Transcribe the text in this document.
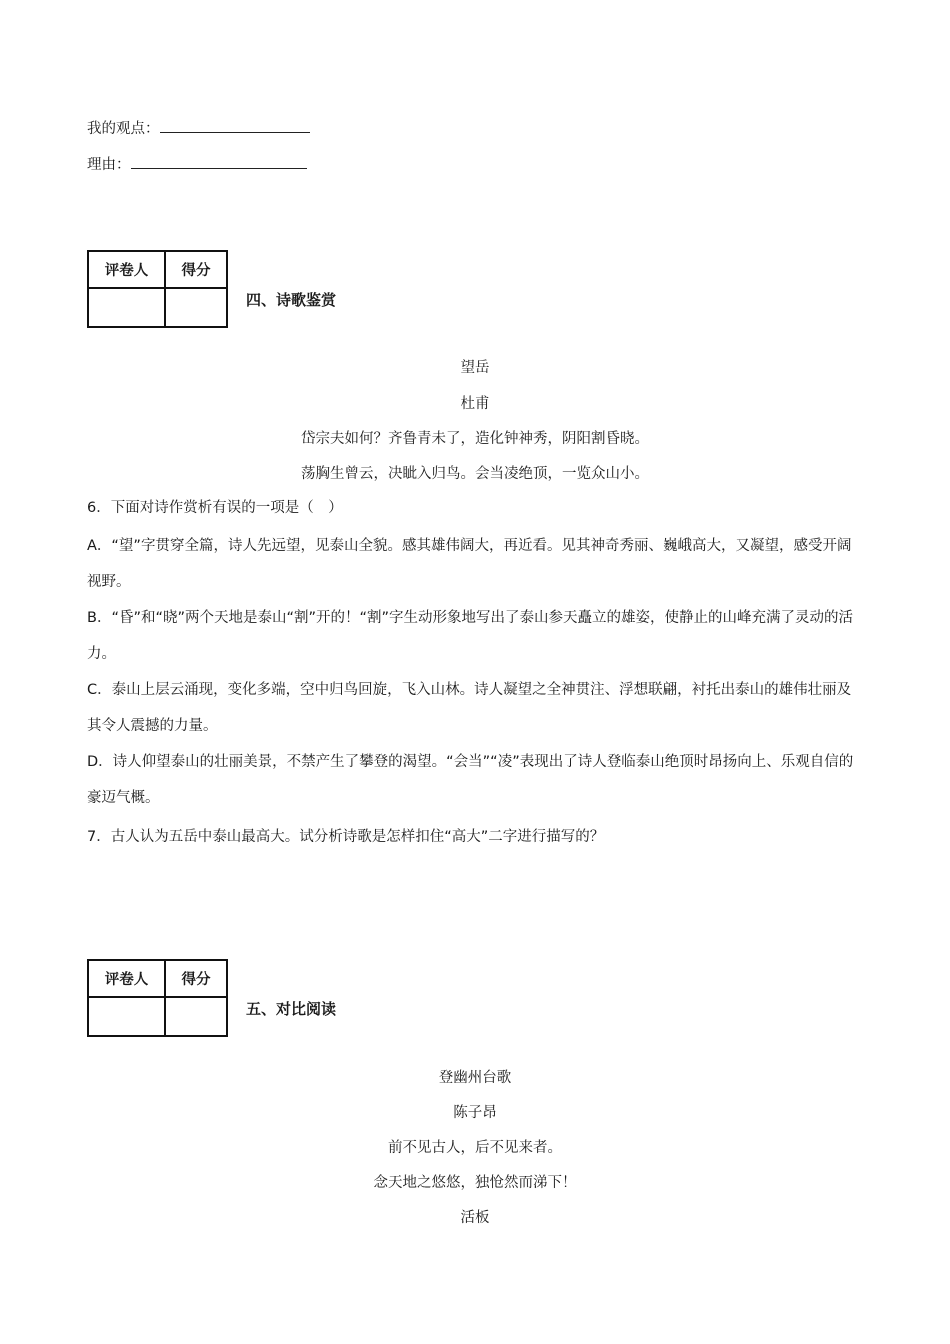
我的观点：
理由：
评卷人	得分

四、诗歌鉴赏
望岳
杜甫
岱宗夫如何？齐鲁青未了，造化钟神秀，阴阳割昏晓。
荡胸生曾云，决眦入归鸟。会当凌绝顶，一览众山小。
6．下面对诗作赏析有误的一项是（　）
A．“望”字贯穿全篇，诗人先远望，见泰山全貌。感其雄伟阔大，再近看。见其神奇秀丽、巍峨高大，又凝望，感受开阔视野。
B．“昏”和“晓”两个天地是泰山“割”开的！“割”字生动形象地写出了泰山参天矗立的雄姿，使静止的山峰充满了灵动的活力。
C．泰山上层云涌现，变化多端，空中归鸟回旋，飞入山林。诗人凝望之全神贯注、浮想联翩，衬托出泰山的雄伟壮丽及其令人震撼的力量。
D．诗人仰望泰山的壮丽美景，不禁产生了攀登的渴望。“会当”“凌”表现出了诗人登临泰山绝顶时昂扬向上、乐观自信的豪迈气概。
7．古人认为五岳中泰山最高大。试分析诗歌是怎样扣住“高大”二字进行描写的？
评卷人	得分

五、对比阅读
登幽州台歌
陈子昂
前不见古人，后不见来者。
念天地之悠悠，独怆然而涕下！
活板
